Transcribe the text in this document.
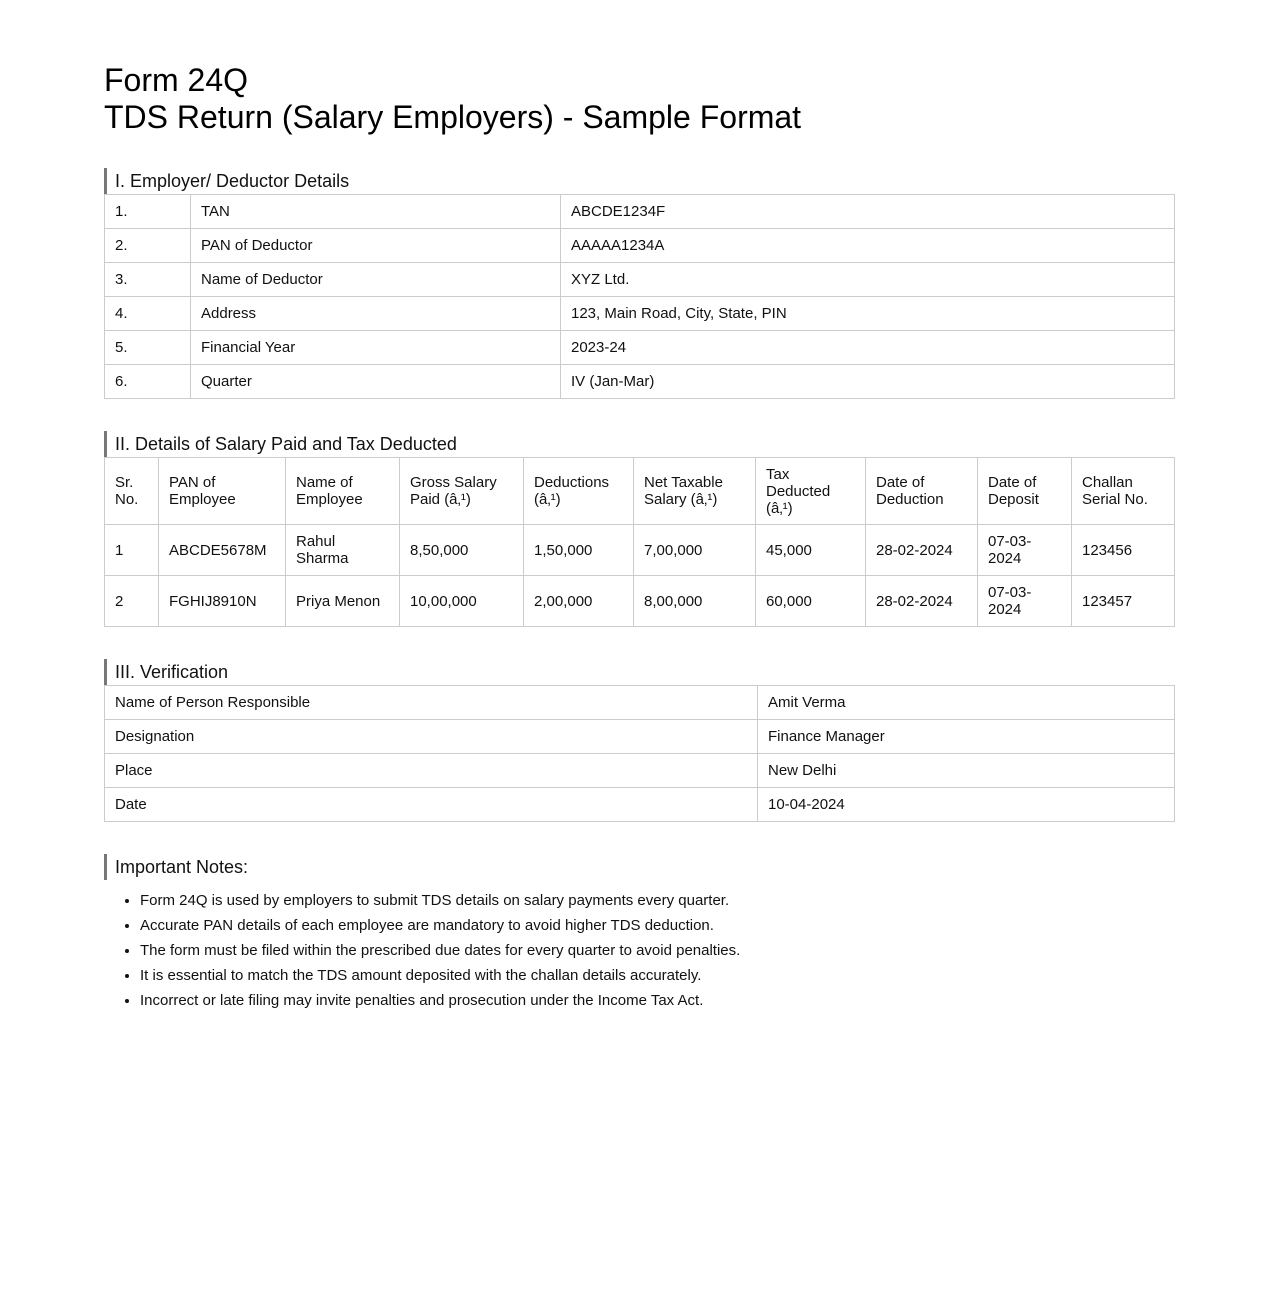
Form 24Q
TDS Return (Salary Employers) - Sample Format
I. Employer/ Deductor Details
1.	TAN	ABCDE1234F
2.	PAN of Deductor	AAAAA1234A
3.	Name of Deductor	XYZ Ltd.
4.	Address	123, Main Road, City, State, PIN
5.	Financial Year	2023-24
6.	Quarter	IV (Jan-Mar)
II. Details of Salary Paid and Tax Deducted
Sr. No.	PAN of Employee	Name of Employee	Gross Salary Paid (â‚¹)	Deductions (â‚¹)	Net Taxable Salary (â‚¹)	Tax Deducted (â‚¹)	Date of Deduction	Date of Deposit	Challan Serial No.
1	ABCDE5678M	Rahul Sharma	8,50,000	1,50,000	7,00,000	45,000	28-02-2024	07-03-2024	123456
2	FGHIJ8910N	Priya Menon	10,00,000	2,00,000	8,00,000	60,000	28-02-2024	07-03-2024	123457
III. Verification
Name of Person Responsible	Amit Verma
Designation	Finance Manager
Place	New Delhi
Date	10-04-2024
Important Notes:
• Form 24Q is used by employers to submit TDS details on salary payments every quarter.
• Accurate PAN details of each employee are mandatory to avoid higher TDS deduction.
• The form must be filed within the prescribed due dates for every quarter to avoid penalties.
• It is essential to match the TDS amount deposited with the challan details accurately.
• Incorrect or late filing may invite penalties and prosecution under the Income Tax Act.
